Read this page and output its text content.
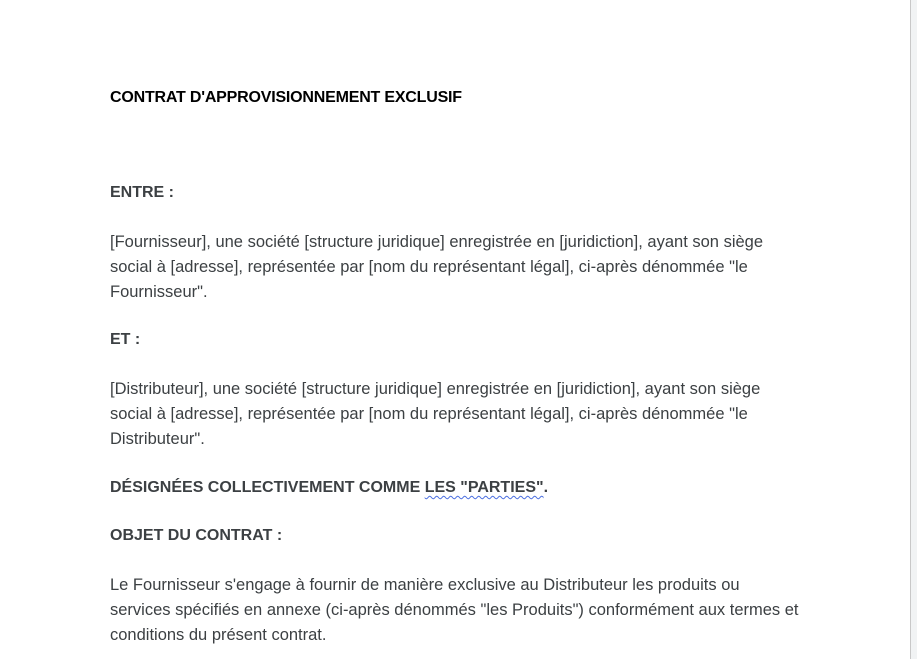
CONTRAT D'APPROVISIONNEMENT EXCLUSIF
ENTRE :

[Fournisseur], une société [structure juridique] enregistrée en [juridiction], ayant son siège social à [adresse], représentée par [nom du représentant légal], ci-après dénommée "le Fournisseur".

ET :

[Distributeur], une société [structure juridique] enregistrée en [juridiction], ayant son siège social à [adresse], représentée par [nom du représentant légal], ci-après dénommée "le Distributeur".

DÉSIGNÉES COLLECTIVEMENT COMME LES "PARTIES".
OBJET DU CONTRAT :

Le Fournisseur s'engage à fournir de manière exclusive au Distributeur les produits ou services spécifiés en annexe (ci-après dénommés "les Produits") conformément aux termes et conditions du présent contrat.
